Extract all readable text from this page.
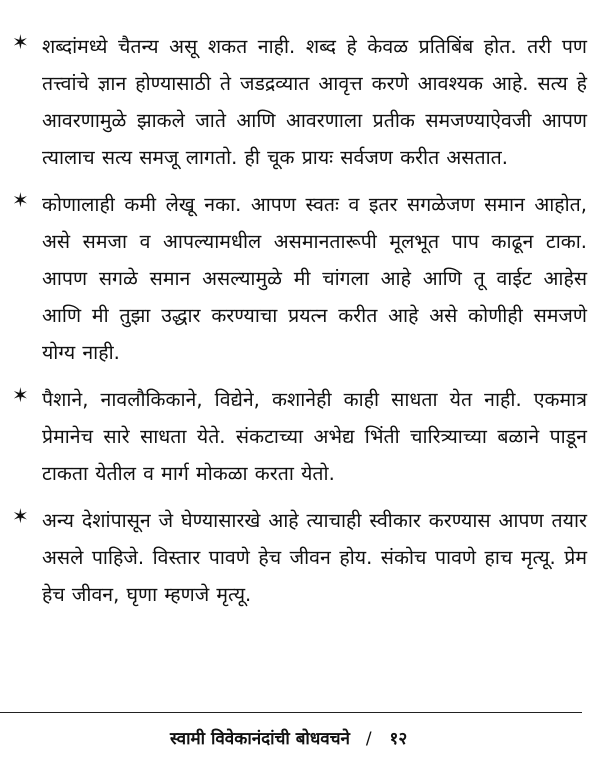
✶ शब्दांमध्ये चैतन्य असू शकत नाही. शब्द हे केवळ प्रतिबिंब होत. तरी पण तत्त्वांचे ज्ञान होण्यासाठी ते जडद्रव्यात आवृत्त करणे आवश्यक आहे. सत्य हे आवरणामुळे झाकले जाते आणि आवरणाला प्रतीक समजण्याऐवजी आपण त्यालाच सत्य समजू लागतो. ही चूक प्रायः सर्वजण करीत असतात.
✶ कोणालाही कमी लेखू नका. आपण स्वतः व इतर सगळेजण समान आहोत, असे समजा व आपल्यामधील असमानतारूपी मूलभूत पाप काढून टाका. आपण सगळे समान असल्यामुळे मी चांगला आहे आणि तू वाईट आहेस आणि मी तुझा उद्धार करण्याचा प्रयत्न करीत आहे असे कोणीही समजणे योग्य नाही.
✶ पैशाने, नावलौकिकाने, विद्येने, कशानेही काही साधता येत नाही. एकमात्र प्रेमानेच सारे साधता येते. संकटाच्या अभेद्य भिंती चारित्र्याच्या बळाने पाडून टाकता येतील व मार्ग मोकळा करता येतो.
✶ अन्य देशांपासून जे घेण्यासारखे आहे त्याचाही स्वीकार करण्यास आपण तयार असले पाहिजे. विस्तार पावणे हेच जीवन होय. संकोच पावणे हाच मृत्यू. प्रेम हेच जीवन, घृणा म्हणजे मृत्यू.
स्वामी विवेकानंदांची बोधवचने / १२
